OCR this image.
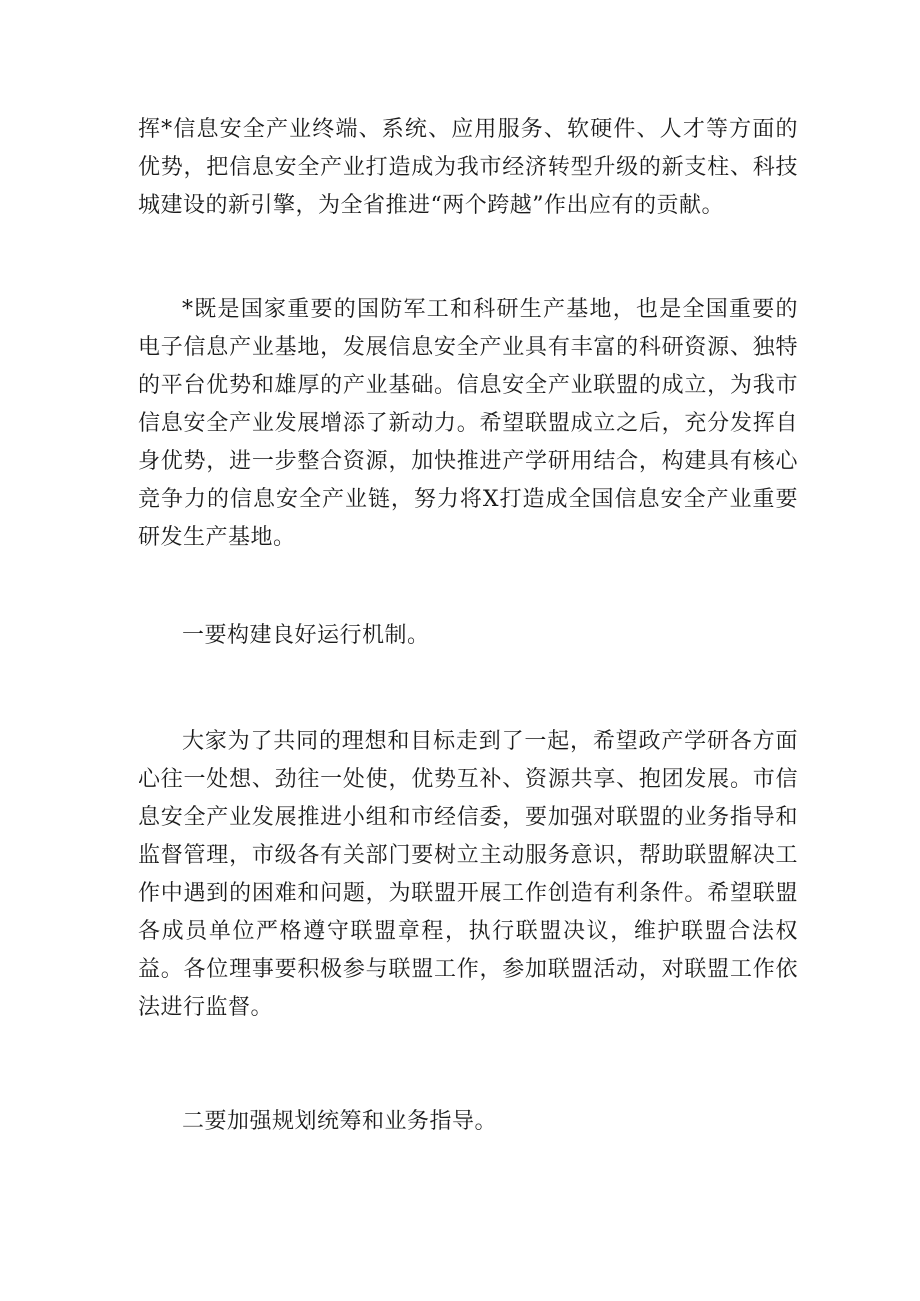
挥*信息安全产业终端、系统、应用服务、软硬件、人才等方面的优势，把信息安全产业打造成为我市经济转型升级的新支柱、科技城建设的新引擎，为全省推进“两个跨越”作出应有的贡献。

*既是国家重要的国防军工和科研生产基地，也是全国重要的电子信息产业基地，发展信息安全产业具有丰富的科研资源、独特的平台优势和雄厚的产业基础。信息安全产业联盟的成立，为我市信息安全产业发展增添了新动力。希望联盟成立之后，充分发挥自身优势，进一步整合资源，加快推进产学研用结合，构建具有核心竞争力的信息安全产业链，努力将X打造成全国信息安全产业重要研发生产基地。

一要构建良好运行机制。

大家为了共同的理想和目标走到了一起，希望政产学研各方面心往一处想、劲往一处使，优势互补、资源共享、抱团发展。市信息安全产业发展推进小组和市经信委，要加强对联盟的业务指导和监督管理，市级各有关部门要树立主动服务意识，帮助联盟解决工作中遇到的困难和问题，为联盟开展工作创造有利条件。希望联盟各成员单位严格遵守联盟章程，执行联盟决议，维护联盟合法权益。各位理事要积极参与联盟工作，参加联盟活动，对联盟工作依法进行监督。

二要加强规划统筹和业务指导。
